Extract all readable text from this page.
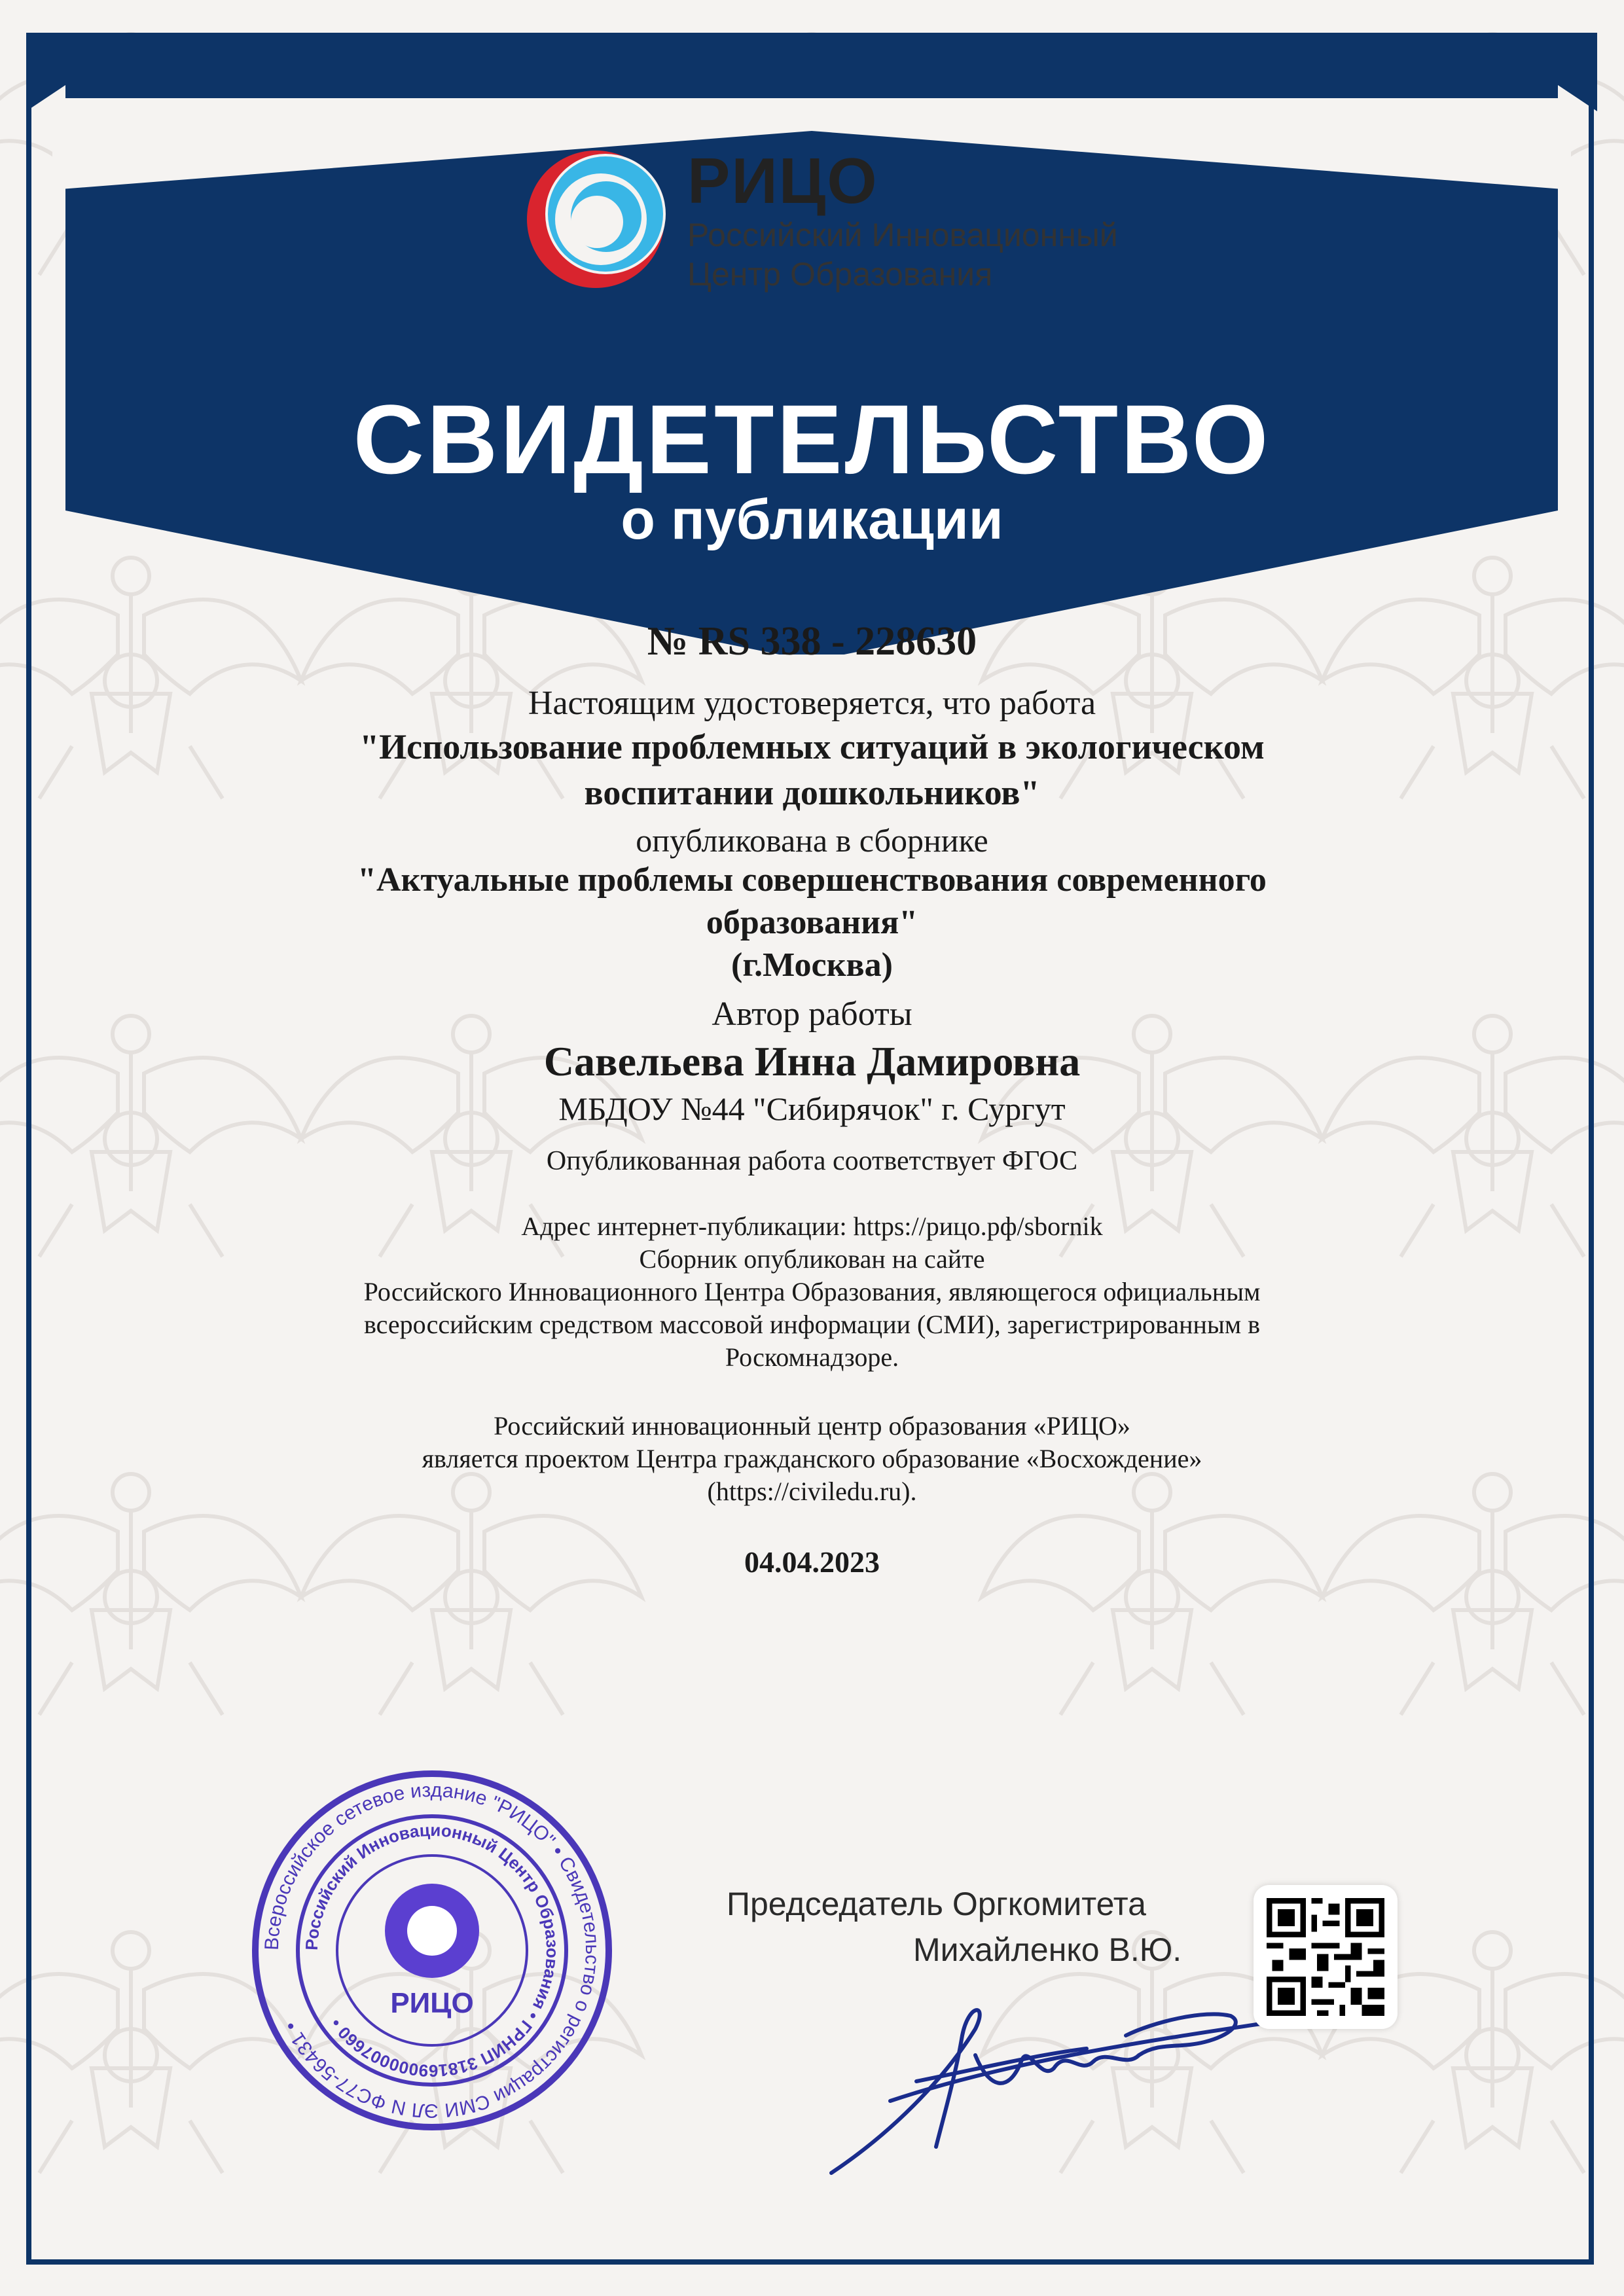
РИЦО
Российский Инновационный
Центр Образования
СВИДЕТЕЛЬСТВО
о публикации
№ RS 338 - 228630
Настоящим удостоверяется, что работа
"Использование проблемных ситуаций в экологическом
воспитании дошкольников"
опубликована в сборнике
"Актуальные проблемы совершенствования современного
образования"
(г.Москва)
Автор работы
Савельева Инна Дамировна
МБДОУ №44 "Сибирячок" г. Сургут
Опубликованная работа соответствует ФГОС
Адрес интернет-публикации: https://рицо.рф/sbornik
Сборник опубликован на сайте
Российского Инновационного Центра Образования, являющегося официальным
всероссийским средством массовой информации (СМИ), зарегистрированным в
Роскомнадзоре.
Российский инновационный центр образования «РИЦО»
является проектом Центра гражданского образование «Восхождение»
(https://civiledu.ru).
04.04.2023
Всероссийское сетевое издание "РИЦО" • Свидетельство о регистрации СМИ ЭЛ N ФС77-56431 •
Российский Инновационный Центр Образования • ГРНИП 318169000007660 •
РИЦО
Председатель Оргкомитета
Михайленко В.Ю.
